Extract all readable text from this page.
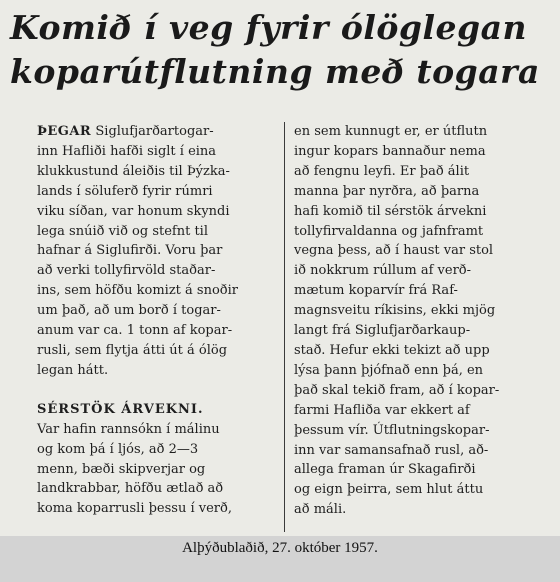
Komið í veg fyrir ólöglegan
koparútflutning með togara

ÞEGAR Siglufjarðartogar-

inn Hafliði hafði siglt í eina

klukkustund áleiðis til Þýzka-

lands í söluferð fyrir rúmri

viku síðan, var honum skyndi

lega snúið við og stefnt til

hafnar á Siglufirði. Voru þar

að verki tollyfirvöld staðar-

ins, sem höfðu komizt á snoðir

um það, að um borð í togar-

anum var ca. 1 tonn af kopar-

rusli, sem flytja átti út á ólög

legan hátt.

SÉRSTÖK ÁRVEKNI.

Var hafin rannsókn í málinu

og kom þá í ljós, að 2—3

menn, bæði skipverjar og

landkrabbar, höfðu ætlað að

koma koparrusli þessu í verð,

en sem kunnugt er, er útflutn

ingur kopars bannaður nema

að fengnu leyfi. Er það álit

manna þar nyrðra, að þarna

hafi komið til sérstök árvekni

tollyfirvaldanna og jafnframt

vegna þess, að í haust var stol

ið nokkrum rúllum af verð-

mætum koparvír frá Raf-

magnsveitu ríkisins, ekki mjög

langt frá Siglufjarðarkaup-

stað. Hefur ekki tekizt að upp

lýsa þann þjófnað enn þá, en

það skal tekið fram, að í kopar-

farmi Hafliða var ekkert af

þessum vír. Útflutningskopar-

inn var samansafnað rusl, að-

allega framan úr Skagafirði

og eign þeirra, sem hlut áttu

að máli.

Alþýðublaðið, 27. október 1957.
